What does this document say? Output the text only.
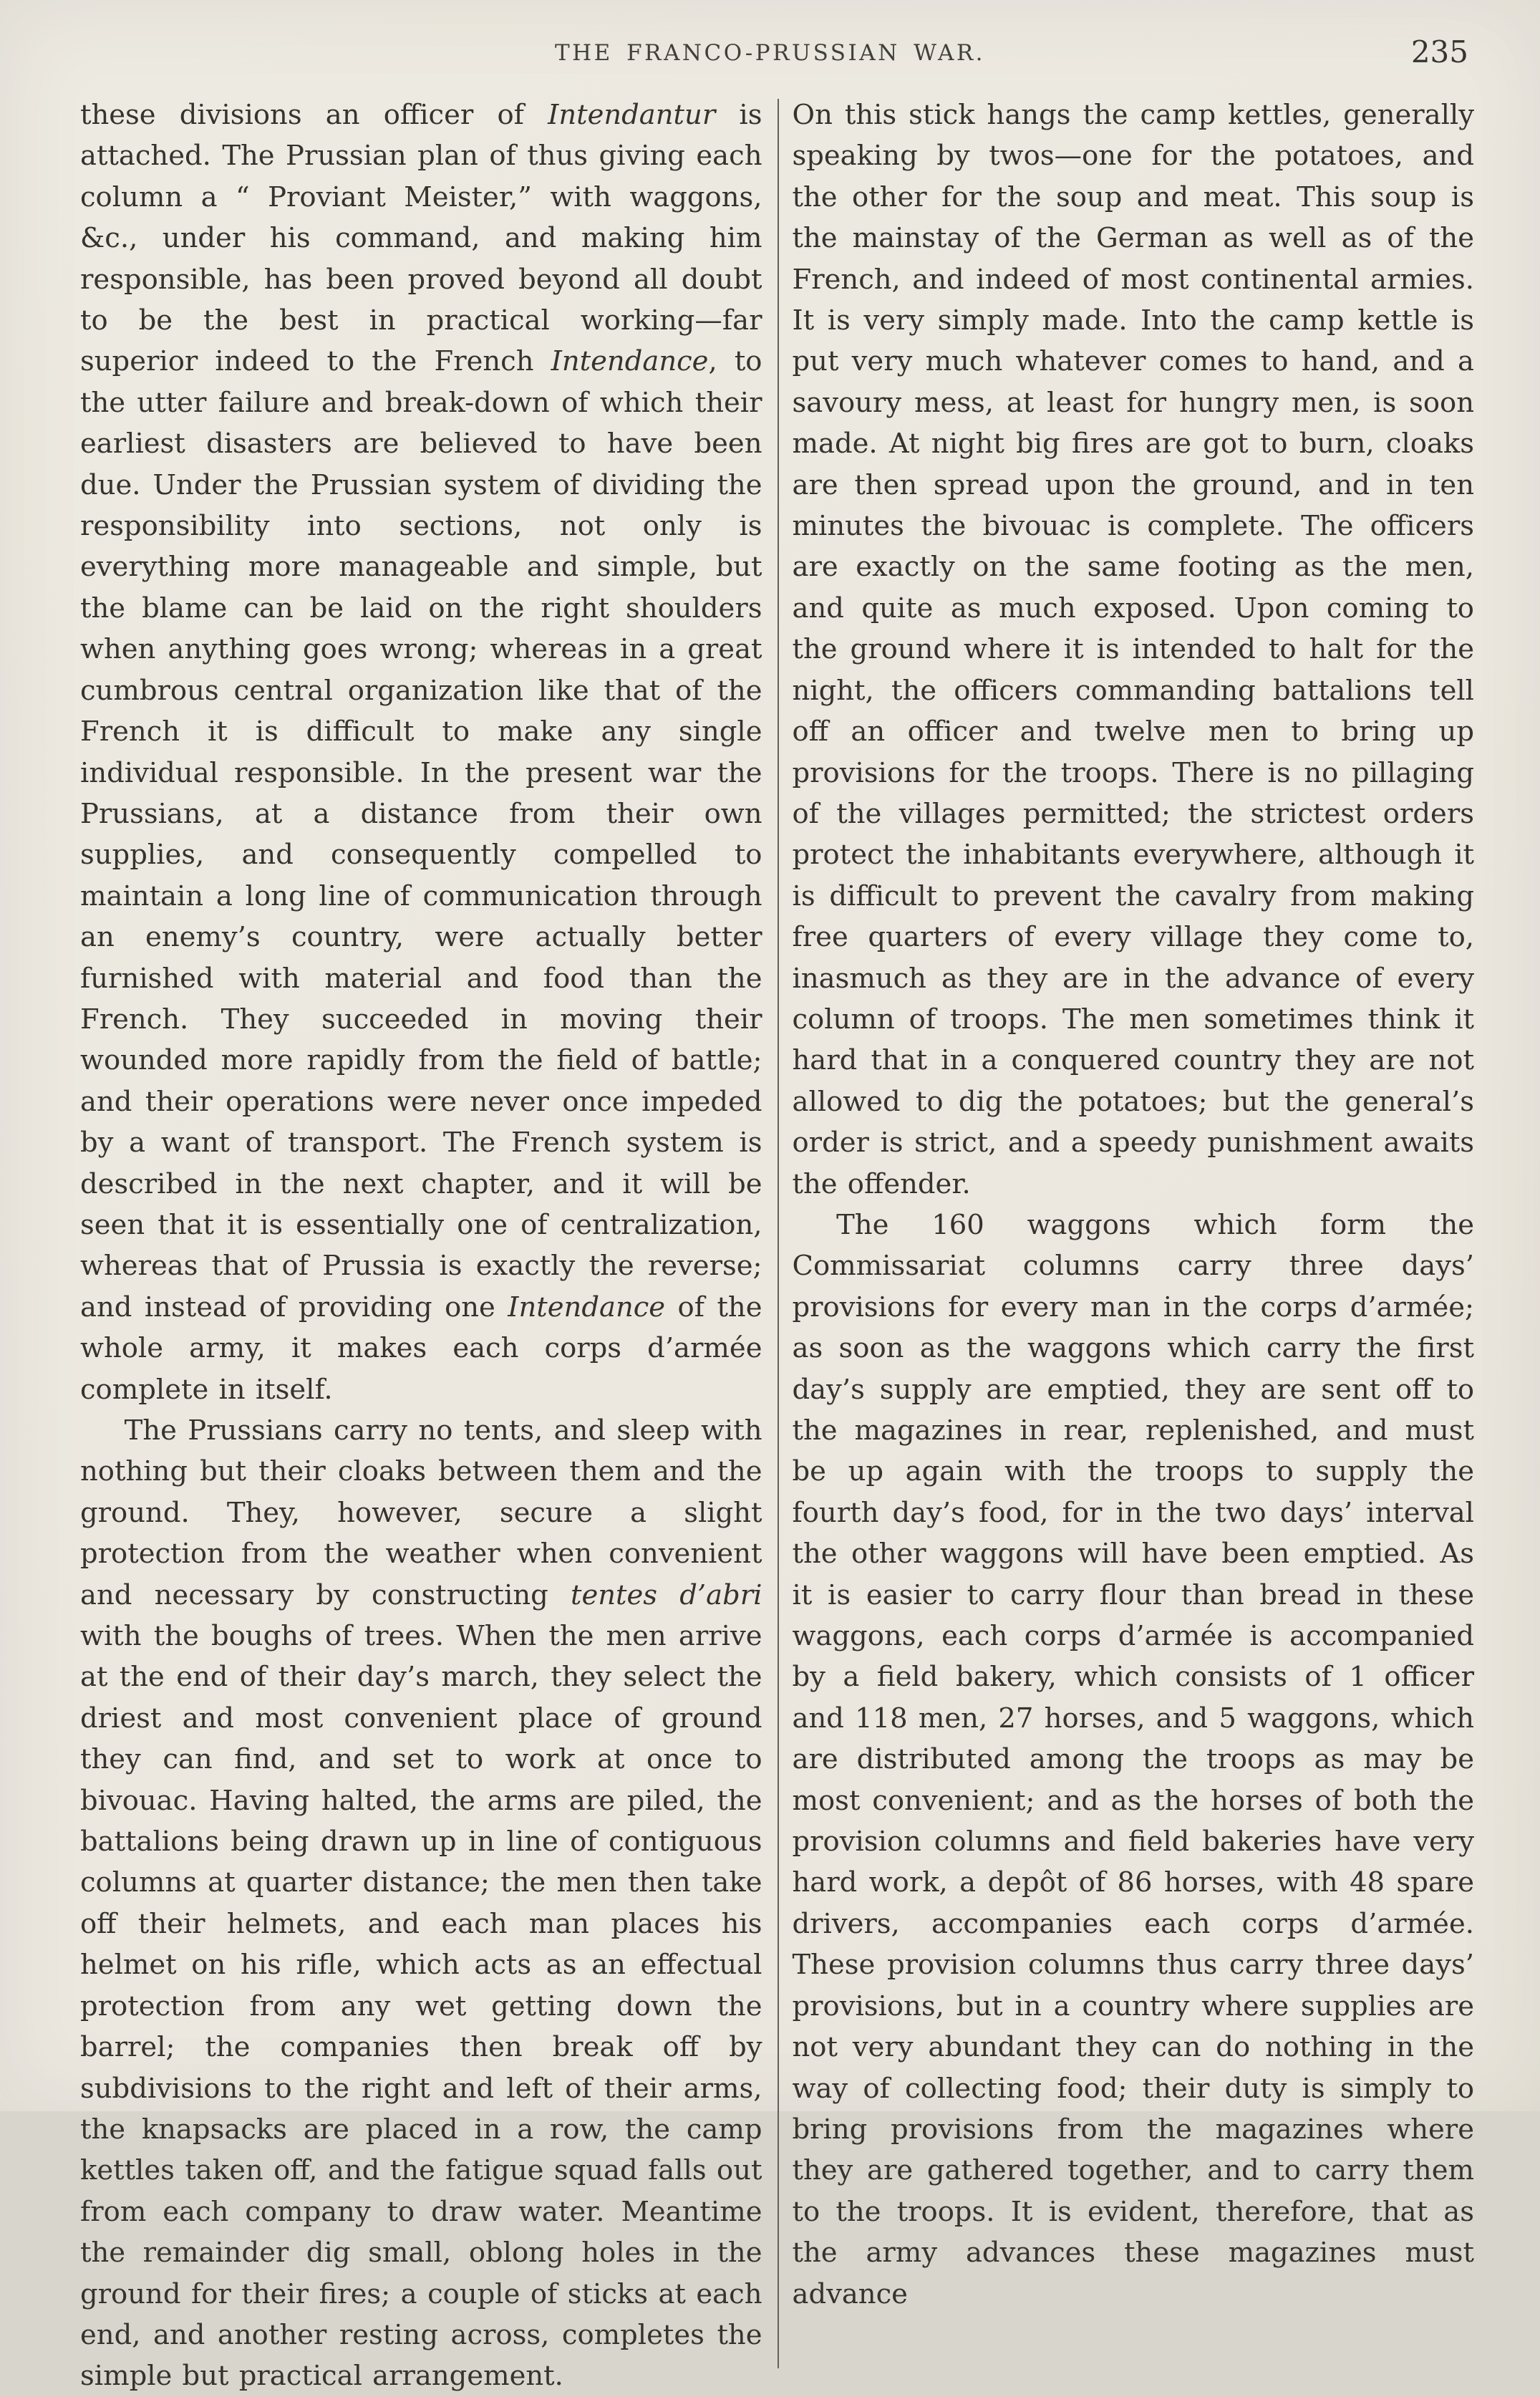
THE FRANCO-PRUSSIAN WAR.	235

these divisions an officer of Intendantur is attached. The Prussian plan of thus giving each column a “ Proviant Meister,” with waggons, &c., under his command, and making him responsible, has been proved beyond all doubt to be the best in practical working—far superior indeed to the French Intendance, to the utter failure and break-down of which their earliest disasters are believed to have been due. Under the Prussian system of dividing the responsibility into sections, not only is everything more manageable and simple, but the blame can be laid on the right shoulders when anything goes wrong; whereas in a great cumbrous central organization like that of the French it is difficult to make any single individual responsible. In the present war the Prussians, at a distance from their own supplies, and consequently compelled to maintain a long line of communication through an enemy’s country, were actually better furnished with material and food than the French. They succeeded in moving their wounded more rapidly from the field of battle; and their operations were never once impeded by a want of transport. The French system is described in the next chapter, and it will be seen that it is essentially one of centralization, whereas that of Prussia is exactly the reverse; and instead of providing one Intendance of the whole army, it makes each corps d’armée complete in itself.

The Prussians carry no tents, and sleep with nothing but their cloaks between them and the ground. They, however, secure a slight protection from the weather when convenient and necessary by constructing tentes d’abri with the boughs of trees. When the men arrive at the end of their day’s march, they select the driest and most convenient place of ground they can find, and set to work at once to bivouac. Having halted, the arms are piled, the battalions being drawn up in line of contiguous columns at quarter distance; the men then take off their helmets, and each man places his helmet on his rifle, which acts as an effectual protection from any wet getting down the barrel; the companies then break off by subdivisions to the right and left of their arms, the knapsacks are placed in a row, the camp kettles taken off, and the fatigue squad falls out from each company to draw water. Meantime the remainder dig small, oblong holes in the ground for their fires; a couple of sticks at each end, and another resting across, completes the simple but practical arrangement.

On this stick hangs the camp kettles, generally speaking by twos—one for the potatoes, and the other for the soup and meat. This soup is the mainstay of the German as well as of the French, and indeed of most continental armies. It is very simply made. Into the camp kettle is put very much whatever comes to hand, and a savoury mess, at least for hungry men, is soon made. At night big fires are got to burn, cloaks are then spread upon the ground, and in ten minutes the bivouac is complete. The officers are exactly on the same footing as the men, and quite as much exposed. Upon coming to the ground where it is intended to halt for the night, the officers commanding battalions tell off an officer and twelve men to bring up provisions for the troops. There is no pillaging of the villages permitted; the strictest orders protect the inhabitants everywhere, although it is difficult to prevent the cavalry from making free quarters of every village they come to, inasmuch as they are in the advance of every column of troops. The men sometimes think it hard that in a conquered country they are not allowed to dig the potatoes; but the general’s order is strict, and a speedy punishment awaits the offender.

The 160 waggons which form the Commissariat columns carry three days’ provisions for every man in the corps d’armée; as soon as the waggons which carry the first day’s supply are emptied, they are sent off to the magazines in rear, replenished, and must be up again with the troops to supply the fourth day’s food, for in the two days’ interval the other waggons will have been emptied. As it is easier to carry flour than bread in these waggons, each corps d’armée is accompanied by a field bakery, which consists of 1 officer and 118 men, 27 horses, and 5 waggons, which are distributed among the troops as may be most convenient; and as the horses of both the provision columns and field bakeries have very hard work, a depôt of 86 horses, with 48 spare drivers, accompanies each corps d’armée. These provision columns thus carry three days’ provisions, but in a country where supplies are not very abundant they can do nothing in the way of collecting food; their duty is simply to bring provisions from the magazines where they are gathered together, and to carry them to the troops. It is evident, therefore, that as the army advances these magazines must advance
